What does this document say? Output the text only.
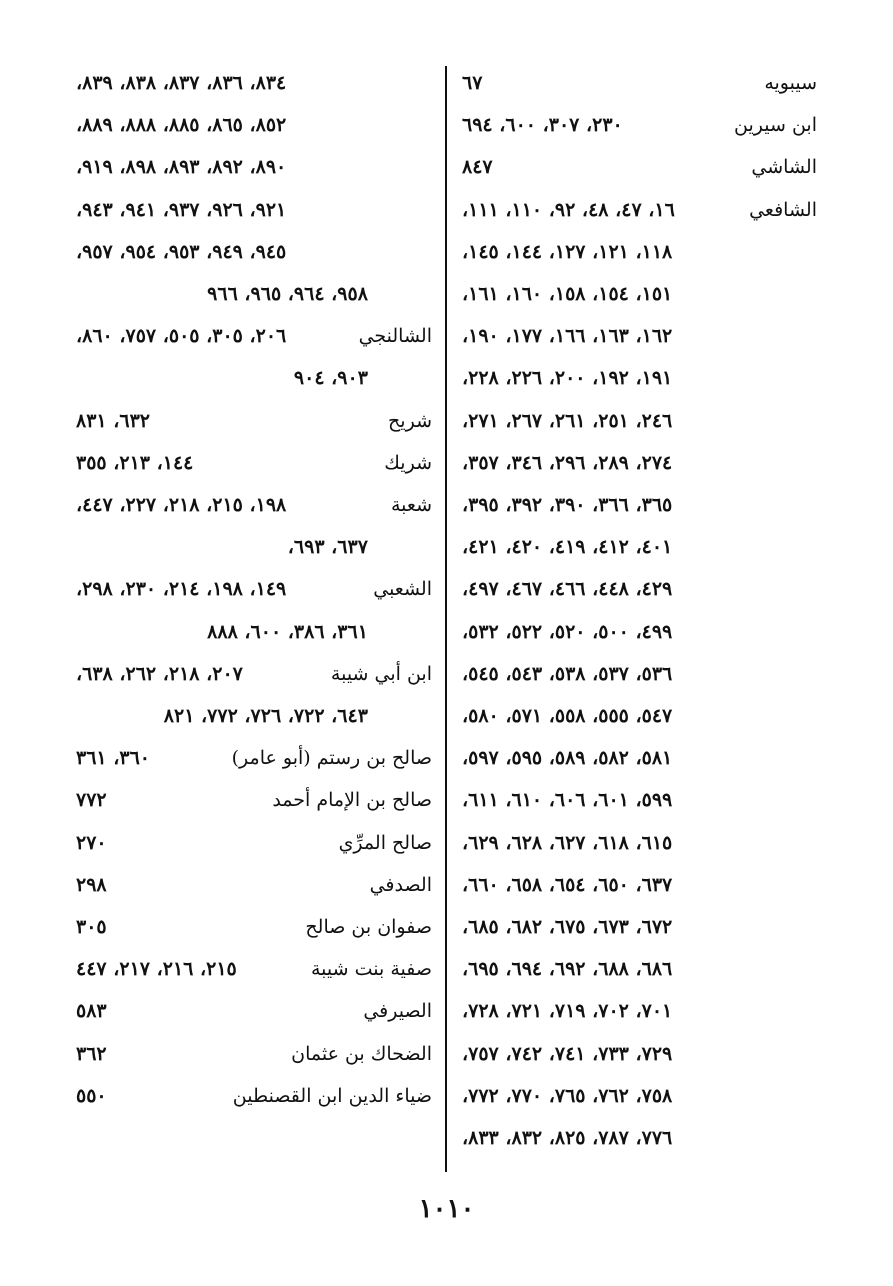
سيبويه
٦٧
ابن سيرين
٢٣٠، ٣٠٧، ٦٠٠، ٦٩٤
الشاشي
٨٤٧
الشافعي
١٦، ٤٧، ٤٨، ٩٢، ١١٠، ١١١،
١١٨، ١٢١، ١٢٧، ١٤٤، ١٤٥،
١٥١، ١٥٤، ١٥٨، ١٦٠، ١٦١،
١٦٢، ١٦٣، ١٦٦، ١٧٧، ١٩٠،
١٩١، ١٩٢، ٢٠٠، ٢٢٦، ٢٢٨،
٢٤٦، ٢٥١، ٢٦١، ٢٦٧، ٢٧١،
٢٧٤، ٢٨٩، ٢٩٦، ٣٤٦، ٣٥٧،
٣٦٥، ٣٦٦، ٣٩٠، ٣٩٢، ٣٩٥،
٤٠١، ٤١٢، ٤١٩، ٤٢٠، ٤٢١،
٤٢٩، ٤٤٨، ٤٦٦، ٤٦٧، ٤٩٧،
٤٩٩، ٥٠٠، ٥٢٠، ٥٢٢، ٥٣٢،
٥٣٦، ٥٣٧، ٥٣٨، ٥٤٣، ٥٤٥،
٥٤٧، ٥٥٥، ٥٥٨، ٥٧١، ٥٨٠،
٥٨١، ٥٨٢، ٥٨٩، ٥٩٥، ٥٩٧،
٥٩٩، ٦٠١، ٦٠٦، ٦١٠، ٦١١،
٦١٥، ٦١٨، ٦٢٧، ٦٢٨، ٦٢٩،
٦٣٧، ٦٥٠، ٦٥٤، ٦٥٨، ٦٦٠،
٦٧٢، ٦٧٣، ٦٧٥، ٦٨٢، ٦٨٥،
٦٨٦، ٦٨٨، ٦٩٢، ٦٩٤، ٦٩٥،
٧٠١، ٧٠٢، ٧١٩، ٧٢١، ٧٢٨،
٧٢٩، ٧٣٣، ٧٤١، ٧٤٢، ٧٥٧،
٧٥٨، ٧٦٢، ٧٦٥، ٧٧٠، ٧٧٢،
٧٧٦، ٧٨٧، ٨٢٥، ٨٣٢، ٨٣٣،
٨٣٤، ٨٣٦، ٨٣٧، ٨٣٨، ٨٣٩،
٨٥٢، ٨٦٥، ٨٨٥، ٨٨٨، ٨٨٩،
٨٩٠، ٨٩٢، ٨٩٣، ٨٩٨، ٩١٩،
٩٢١، ٩٢٦، ٩٣٧، ٩٤١، ٩٤٣،
٩٤٥، ٩٤٩، ٩٥٣، ٩٥٤، ٩٥٧،
٩٥٨، ٩٦٤، ٩٦٥، ٩٦٦
الشالنجي
٢٠٦، ٣٠٥، ٥٠٥، ٧٥٧، ٨٦٠،
٩٠٣، ٩٠٤
شريح
٦٣٢، ٨٣١
شريك
١٤٤، ٢١٣، ٣٥٥
شعبة
١٩٨، ٢١٥، ٢١٨، ٢٢٧، ٤٤٧،
٦٣٧، ٦٩٣،
الشعبي
١٤٩، ١٩٨، ٢١٤، ٢٣٠، ٢٩٨،
٣٦١، ٣٨٦، ٦٠٠، ٨٨٨
ابن أبي شيبة
٢٠٧، ٢١٨، ٢٦٢، ٦٣٨،
٦٤٣، ٧٢٢، ٧٢٦، ٧٧٢، ٨٢١
صالح بن رستم (أبو عامر)
٣٦٠، ٣٦١
صالح بن الإمام أحمد
٧٧٢
صالح المرِّي
٢٧٠
الصدفي
٢٩٨
صفوان بن صالح
٣٠٥
صفية بنت شيبة
٢١٥، ٢١٦، ٢١٧، ٤٤٧
الصيرفي
٥٨٣
الضحاك بن عثمان
٣٦٢
ضياء الدين ابن القصنطين
٥٥٠
١٠١٠
